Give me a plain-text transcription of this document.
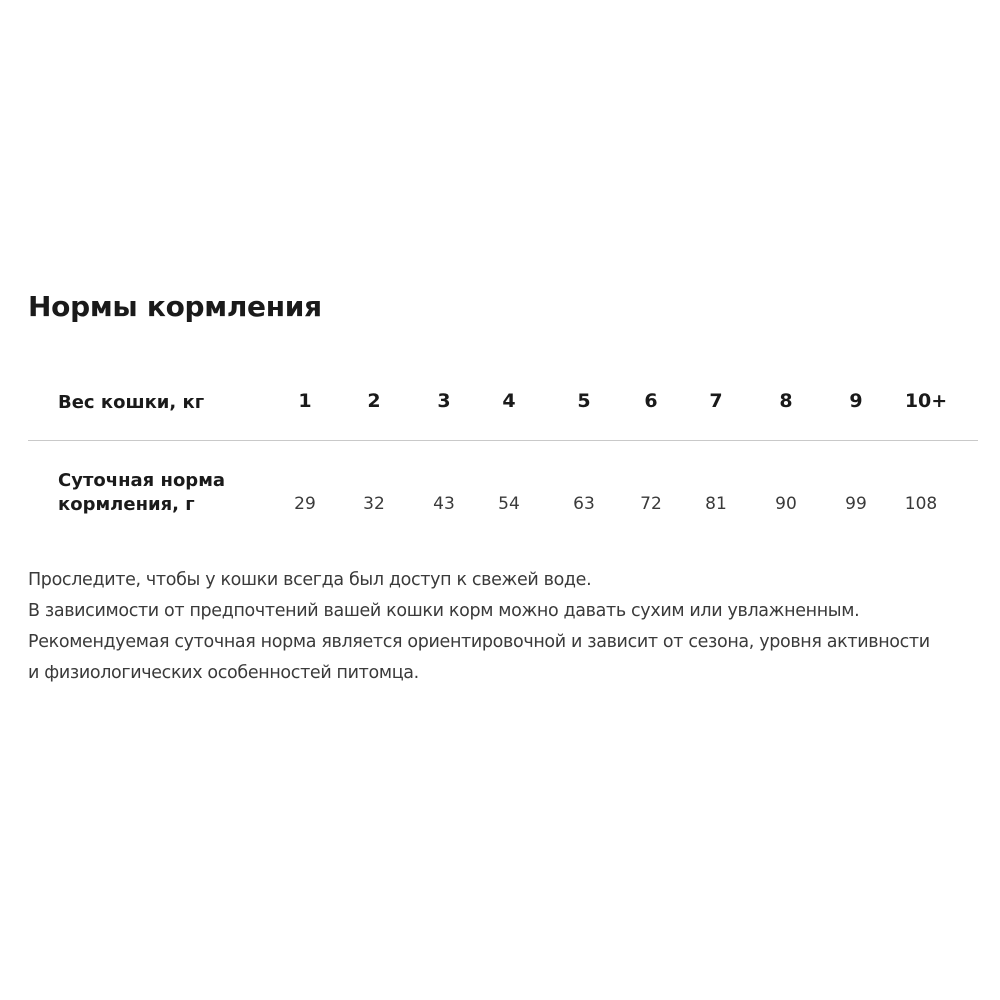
Нормы кормления
Вес кошки, кг	1	2	3	4	5	6	7	8	9	10+
Суточная норма кормления, г	29	32	43	54	63	72	81	90	99	108
Проследите, чтобы у кошки всегда был доступ к свежей воде.
В зависимости от предпочтений вашей кошки корм можно давать сухим или увлажненным.
Рекомендуемая суточная норма является ориентировочной и зависит от сезона, уровня активности
и физиологических особенностей питомца.
